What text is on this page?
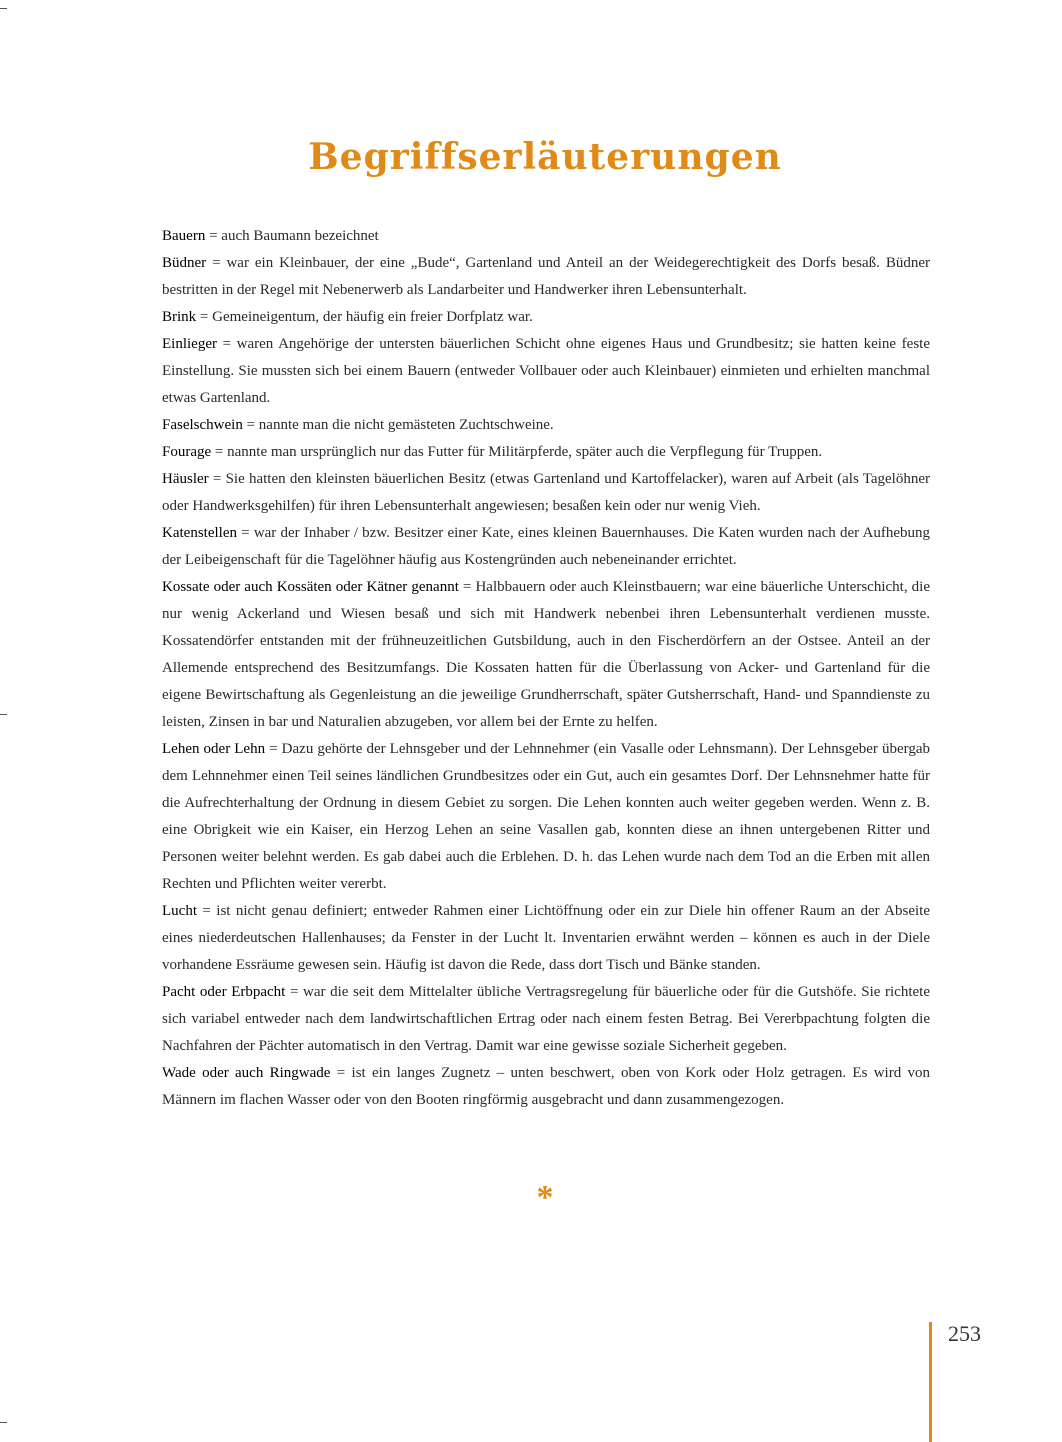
Begriffserläuterungen

Bauern = auch Baumann bezeichnet

Büdner = war ein Kleinbauer, der eine „Bude“, Gartenland und Anteil an der Weidegerechtigkeit des Dorfs besaß. Büdner bestritten in der Regel mit Nebenerwerb als Landarbeiter und Handwerker ihren Lebensunterhalt.

Brink = Gemeineigentum, der häufig ein freier Dorfplatz war.

Einlieger = waren Angehörige der untersten bäuerlichen Schicht ohne eigenes Haus und Grundbesitz; sie hatten keine feste Einstellung. Sie mussten sich bei einem Bauern (entweder Vollbauer oder auch Kleinbauer) einmieten und erhielten manchmal etwas Gartenland.

Faselschwein = nannte man die nicht gemästeten Zuchtschweine.

Fourage = nannte man ursprünglich nur das Futter für Militärpferde, später auch die Verpflegung für Truppen.

Häusler = Sie hatten den kleinsten bäuerlichen Besitz (etwas Gartenland und Kartoffelacker), waren auf Arbeit (als Tagelöhner oder Handwerksgehilfen) für ihren Lebensunterhalt angewiesen; besaßen kein oder nur wenig Vieh.

Katenstellen = war der Inhaber / bzw. Besitzer einer Kate, eines kleinen Bauernhauses. Die Katen wurden nach der Aufhebung der Leibeigenschaft für die Tagelöhner häufig aus Kostengründen auch nebeneinander errichtet.

Kossate oder auch Kossäten oder Kätner genannt = Halbbauern oder auch Kleinstbauern; war eine bäuerliche Unterschicht, die nur wenig Ackerland und Wiesen besaß und sich mit Handwerk nebenbei ihren Lebensunterhalt verdienen musste. Kossatendörfer entstanden mit der frühneuzeitlichen Gutsbildung, auch in den Fischerdörfern an der Ostsee. Anteil an der Allemende entsprechend des Besitzumfangs. Die Kossaten hatten für die Überlassung von Acker- und Gartenland für die eigene Bewirtschaftung als Gegenleistung an die jeweilige Grundherrschaft, später Gutsherrschaft, Hand- und Spanndienste zu leisten, Zinsen in bar und Naturalien abzugeben, vor allem bei der Ernte zu helfen.

Lehen oder Lehn = Dazu gehörte der Lehnsgeber und der Lehnnehmer (ein Vasalle oder Lehnsmann). Der Lehnsgeber übergab dem Lehnnehmer einen Teil seines ländlichen Grundbesitzes oder ein Gut, auch ein gesamtes Dorf. Der Lehnsnehmer hatte für die Aufrechterhaltung der Ordnung in diesem Gebiet zu sorgen. Die Lehen konnten auch weiter gegeben werden. Wenn z. B. eine Obrigkeit wie ein Kaiser, ein Herzog Lehen an seine Vasallen gab, konnten diese an ihnen untergebenen Ritter und Personen weiter belehnt werden. Es gab dabei auch die Erblehen. D. h. das Lehen wurde nach dem Tod an die Erben mit allen Rechten und Pflichten weiter vererbt.

Lucht = ist nicht genau definiert; entweder Rahmen einer Lichtöffnung oder ein zur Diele hin offener Raum an der Abseite eines niederdeutschen Hallenhauses; da Fenster in der Lucht lt. Inventarien erwähnt werden – können es auch in der Diele vorhandene Essräume gewesen sein. Häufig ist davon die Rede, dass dort Tisch und Bänke standen.

Pacht oder Erbpacht = war die seit dem Mittelalter übliche Vertragsregelung für bäuerliche oder für die Gutshöfe. Sie richtete sich variabel entweder nach dem landwirtschaftlichen Ertrag oder nach einem festen Betrag. Bei Vererbpachtung folgten die Nachfahren der Pächter automatisch in den Vertrag. Damit war eine gewisse soziale Sicherheit gegeben.

Wade oder auch Ringwade = ist ein langes Zugnetz – unten beschwert, oben von Kork oder Holz getragen. Es wird von Männern im flachen Wasser oder von den Booten ringförmig ausgebracht und dann zusammengezogen.

*
253
